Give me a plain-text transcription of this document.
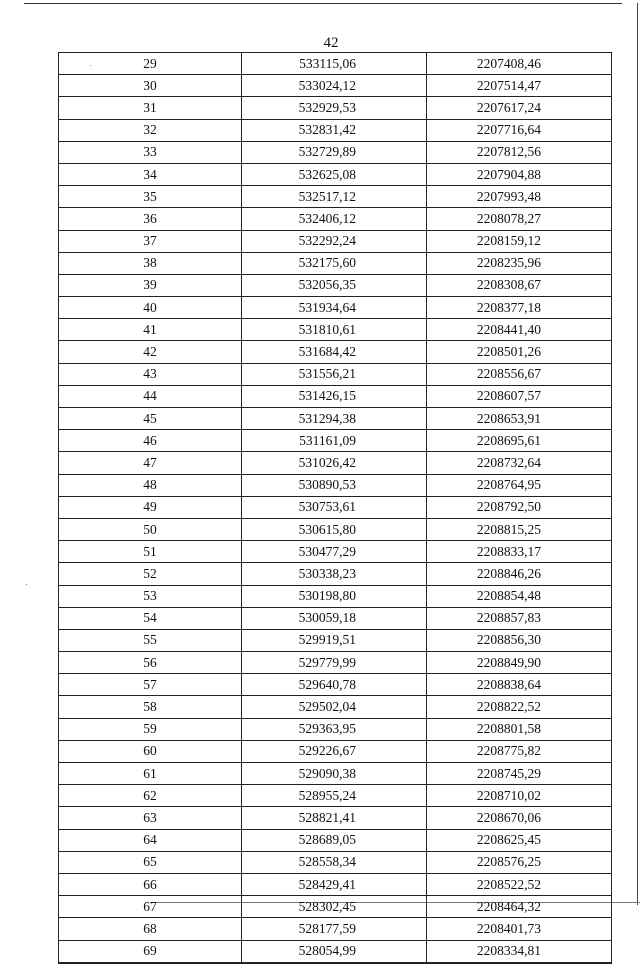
42
29	533115,06	2207408,46
30	533024,12	2207514,47
31	532929,53	2207617,24
32	532831,42	2207716,64
33	532729,89	2207812,56
34	532625,08	2207904,88
35	532517,12	2207993,48
36	532406,12	2208078,27
37	532292,24	2208159,12
38	532175,60	2208235,96
39	532056,35	2208308,67
40	531934,64	2208377,18
41	531810,61	2208441,40
42	531684,42	2208501,26
43	531556,21	2208556,67
44	531426,15	2208607,57
45	531294,38	2208653,91
46	531161,09	2208695,61
47	531026,42	2208732,64
48	530890,53	2208764,95
49	530753,61	2208792,50
50	530615,80	2208815,25
51	530477,29	2208833,17
52	530338,23	2208846,26
53	530198,80	2208854,48
54	530059,18	2208857,83
55	529919,51	2208856,30
56	529779,99	2208849,90
57	529640,78	2208838,64
58	529502,04	2208822,52
59	529363,95	2208801,58
60	529226,67	2208775,82
61	529090,38	2208745,29
62	528955,24	2208710,02
63	528821,41	2208670,06
64	528689,05	2208625,45
65	528558,34	2208576,25
66	528429,41	2208522,52
67	528302,45	2208464,32
68	528177,59	2208401,73
69	528054,99	2208334,81
